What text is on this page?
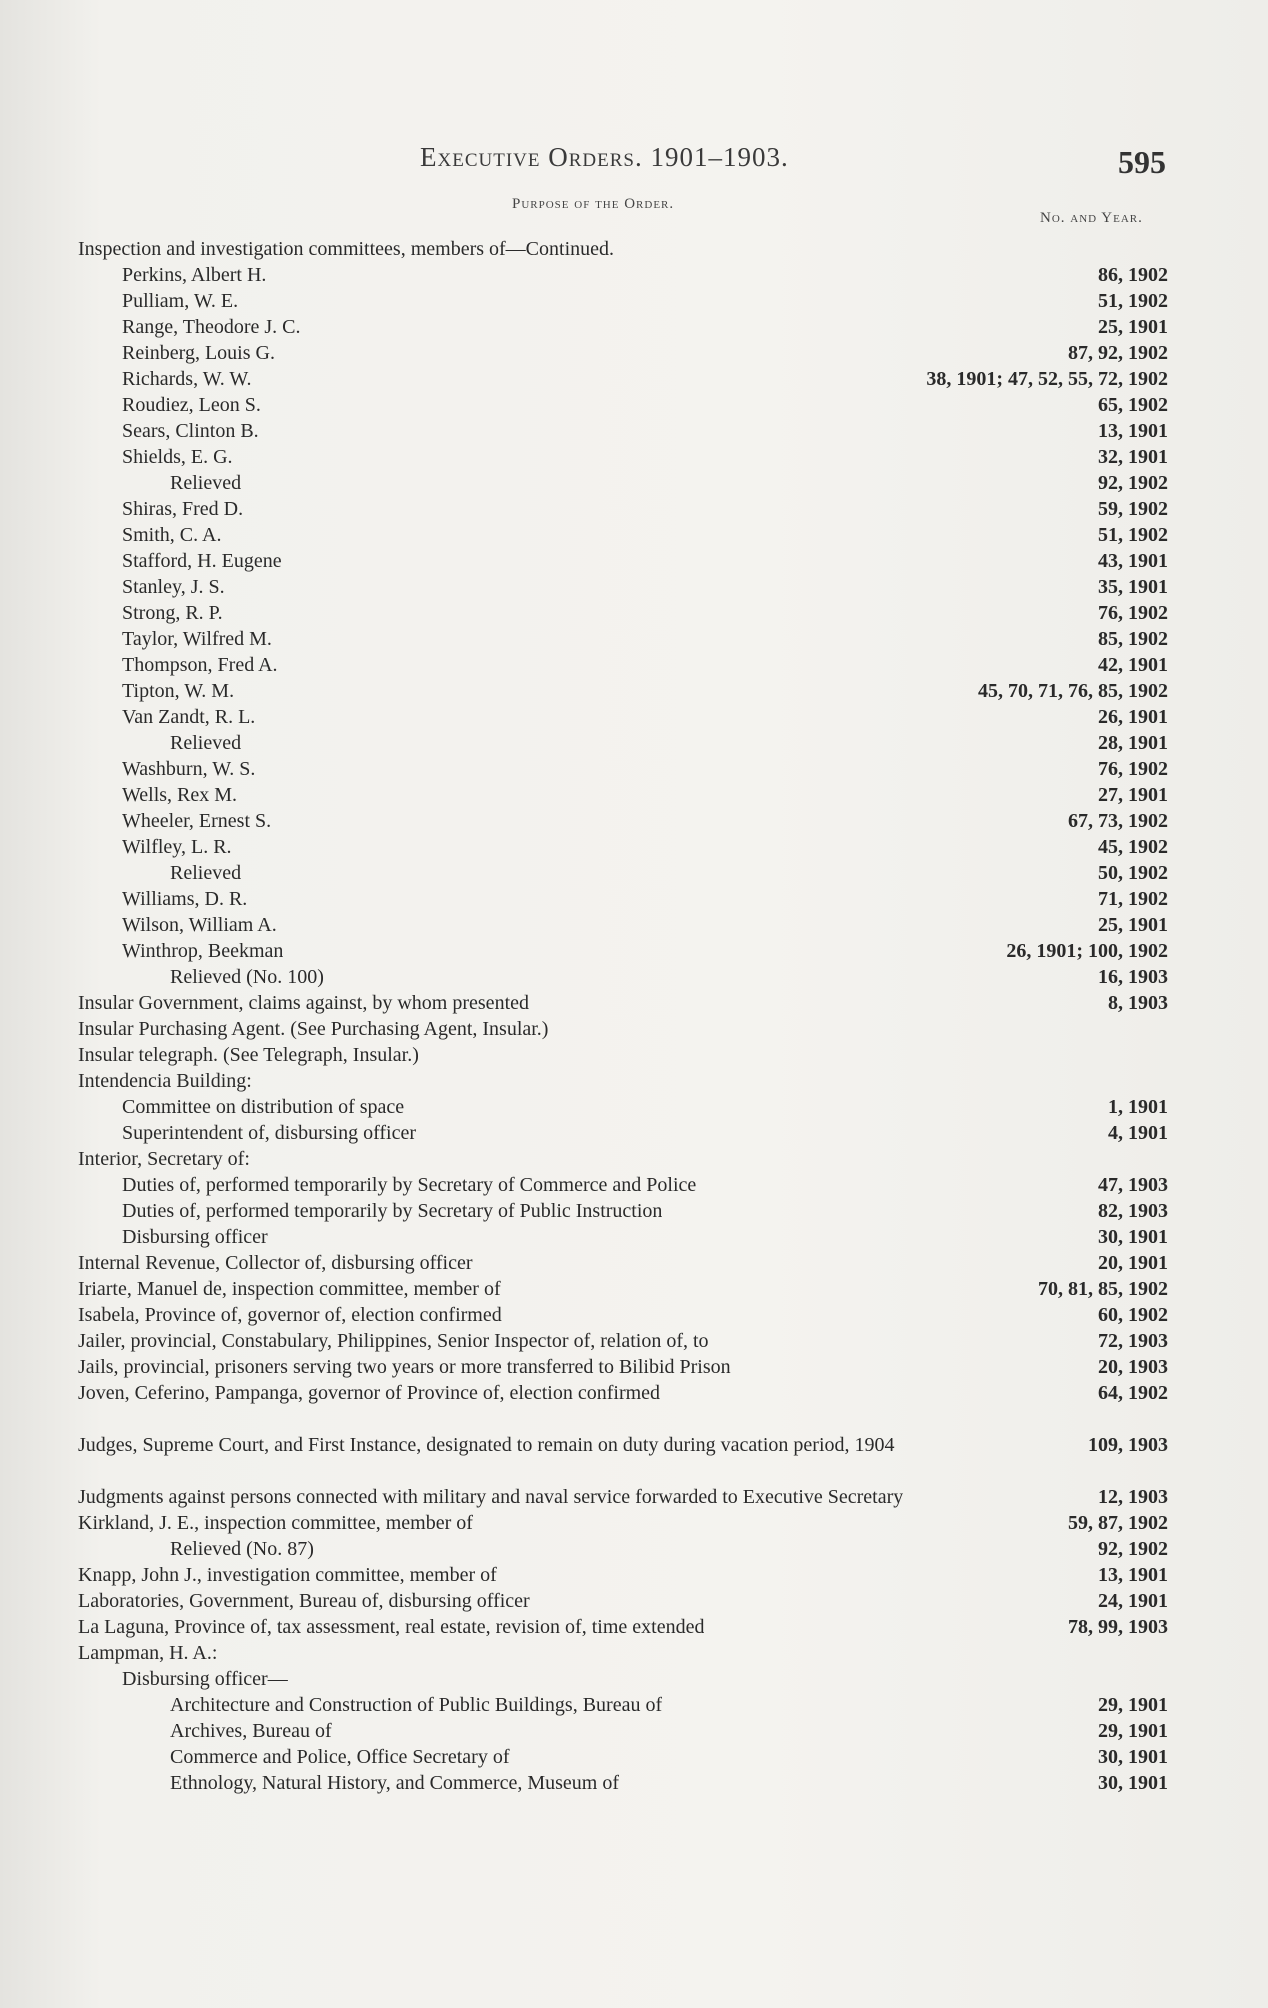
Executive Orders. 1901–1903.	595
Purpose of the Order.
No. and Year.
Inspection and investigation committees, members of—Continued.
Perkins, Albert H.	86, 1902
Pulliam, W. E.	51, 1902
Range, Theodore J. C.	25, 1901
Reinberg, Louis G.	87, 92, 1902
Richards, W. W.	38, 1901; 47, 52, 55, 72, 1902
Roudiez, Leon S.	65, 1902
Sears, Clinton B.	13, 1901
Shields, E. G.	32, 1901
Relieved	92, 1902
Shiras, Fred D.	59, 1902
Smith, C. A.	51, 1902
Stafford, H. Eugene	43, 1901
Stanley, J. S.	35, 1901
Strong, R. P.	76, 1902
Taylor, Wilfred M.	85, 1902
Thompson, Fred A.	42, 1901
Tipton, W. M.	45, 70, 71, 76, 85, 1902
Van Zandt, R. L.	26, 1901
Relieved	28, 1901
Washburn, W. S.	76, 1902
Wells, Rex M.	27, 1901
Wheeler, Ernest S.	67, 73, 1902
Wilfley, L. R.	45, 1902
Relieved	50, 1902
Williams, D. R.	71, 1902
Wilson, William A.	25, 1901
Winthrop, Beekman	26, 1901; 100, 1902
Relieved (No. 100)	16, 1903
Insular Government, claims against, by whom presented	8, 1903
Insular Purchasing Agent. (See Purchasing Agent, Insular.)
Insular telegraph. (See Telegraph, Insular.)
Intendencia Building:
Committee on distribution of space	1, 1901
Superintendent of, disbursing officer	4, 1901
Interior, Secretary of:
Duties of, performed temporarily by Secretary of Commerce and Police	47, 1903
Duties of, performed temporarily by Secretary of Public Instruction	82, 1903
Disbursing officer	30, 1901
Internal Revenue, Collector of, disbursing officer	20, 1901
Iriarte, Manuel de, inspection committee, member of	70, 81, 85, 1902
Isabela, Province of, governor of, election confirmed	60, 1902
Jailer, provincial, Constabulary, Philippines, Senior Inspector of, relation of, to	72, 1903
Jails, provincial, prisoners serving two years or more transferred to Bilibid Prison	20, 1903
Joven, Ceferino, Pampanga, governor of Province of, election confirmed	64, 1902
Judges, Supreme Court, and First Instance, designated to remain on duty during vacation period, 1904	109, 1903
Judgments against persons connected with military and naval service forwarded to Executive Secretary	12, 1903
Kirkland, J. E., inspection committee, member of	59, 87, 1902
Relieved (No. 87)	92, 1902
Knapp, John J., investigation committee, member of	13, 1901
Laboratories, Government, Bureau of, disbursing officer	24, 1901
La Laguna, Province of, tax assessment, real estate, revision of, time extended	78, 99, 1903
Lampman, H. A.:
Disbursing officer—
Architecture and Construction of Public Buildings, Bureau of	29, 1901
Archives, Bureau of	29, 1901
Commerce and Police, Office Secretary of	30, 1901
Ethnology, Natural History, and Commerce, Museum of	30, 1901
